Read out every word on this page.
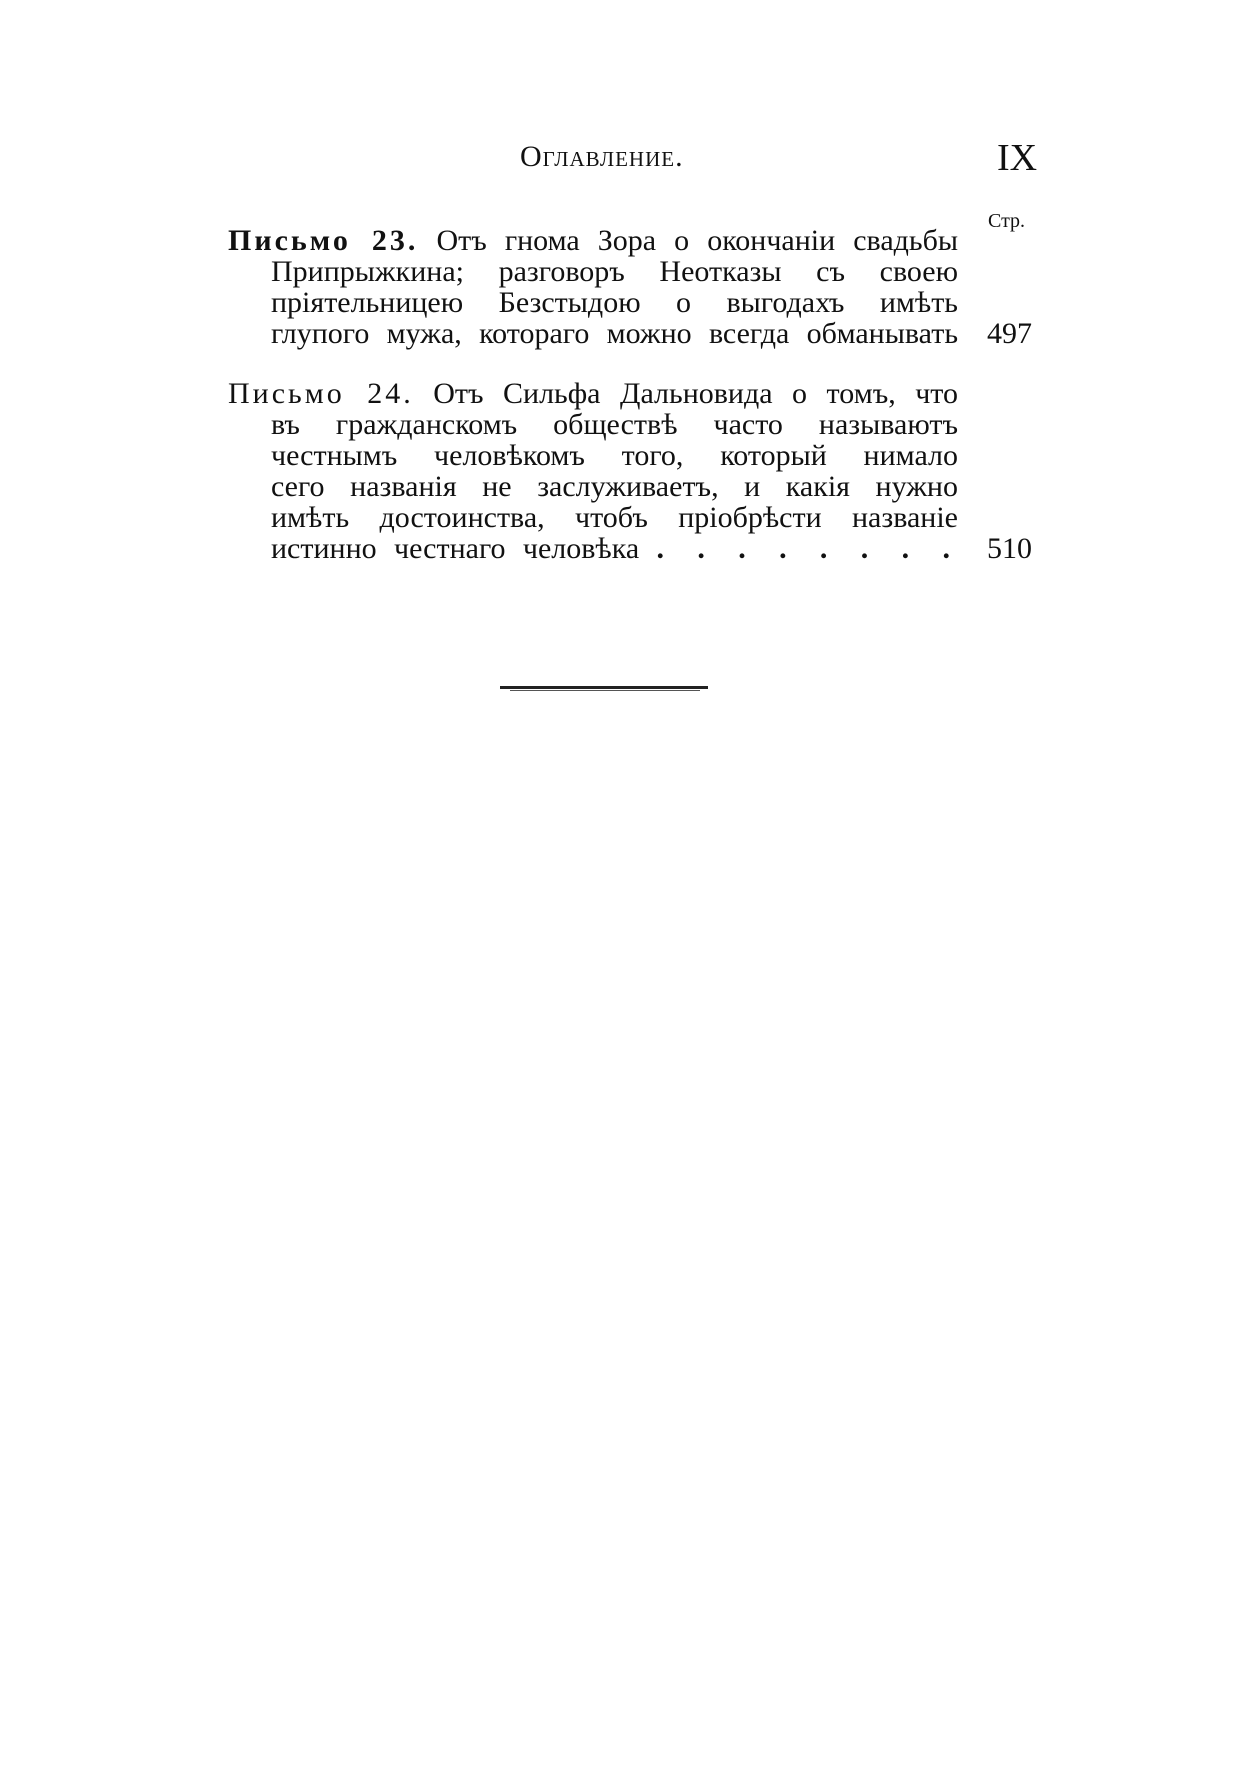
Оглавление.	IX
Стр.
Письмо 23. Отъ гнома Зора о окончанiи свадьбы
Припрыжкина; разговоръ Неотказы съ своею
прiятельницею Безстыдою о выгодахъ имѣть
глупого мужа, котораго можно всегда обманывать 497
Письмо 24. Отъ Сильфа Дальновида о томъ, что
въ гражданскомъ обществѣ часто называютъ
честнымъ человѣкомъ того, который нимало
сего названiя не заслуживаетъ, и какiя нужно
имѣть достоинства, чтобъ прiобрѣсти названiе
истинно честнаго человѣка . . . . . . . . 510
